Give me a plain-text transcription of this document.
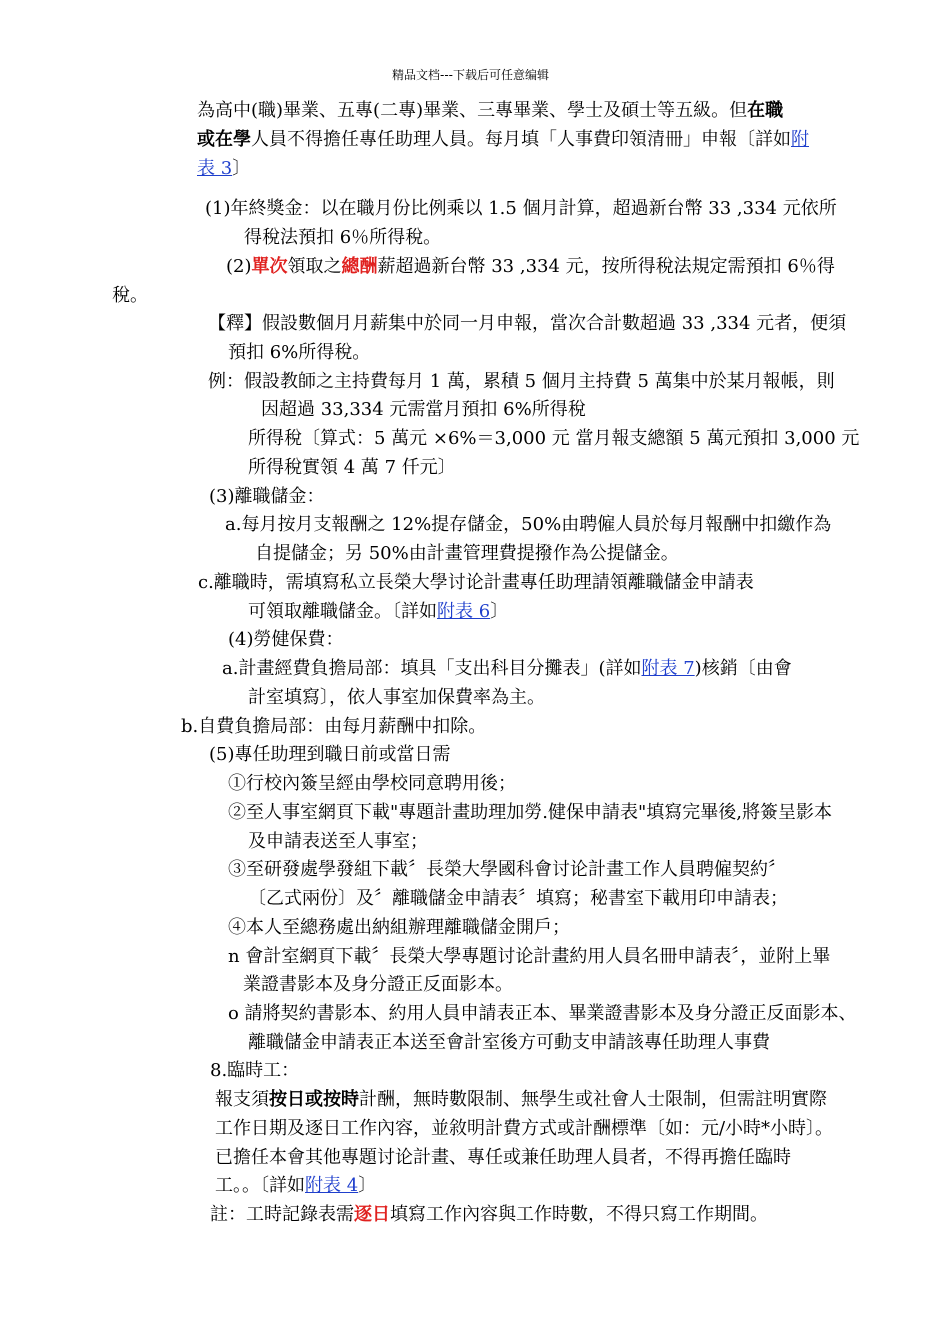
精品文档---下载后可任意编辑
為高中(職)畢業、五專(二專)畢業、三專畢業、學士及碩士等五級。但在職
或在學人員不得擔任專任助理人員。每月填「人事費印領清冊」申報〔詳如附
表 3〕
(1)年終獎金：以在職月份比例乘以 1.5 個月計算，超過新台幣 33 ,334 元依所
得稅法預扣 6％所得稅。
(2)單次領取之總酬薪超過新台幣 33 ,334 元，按所得稅法規定需預扣 6％得
稅。
【釋】假設數個月月薪集中於同一月申報，當次合計數超過 33 ,334 元者，便須
預扣 6%所得稅。
例：假設教師之主持費每月 1 萬，累積 5 個月主持費 5 萬集中於某月報帳，則
因超過 33,334 元需當月預扣 6%所得稅
所得稅〔算式：5 萬元 ×6%＝3,000 元 當月報支總額 5 萬元預扣 3,000 元
所得稅實領 4 萬 7 仟元〕
(3)離職儲金：
a.每月按月支報酬之 12%提存儲金，50%由聘僱人員於每月報酬中扣繳作為
自提儲金；另 50%由計畫管理費提撥作為公提儲金。
c.離職時，需填寫私立長榮大學讨论計畫專任助理請領離職儲金申請表
可領取離職儲金。〔詳如附表 6〕
(4)勞健保費：
a.計畫經費負擔局部：填具「支出科目分攤表」(詳如附表 7)核銷〔由會
計室填寫〕，依人事室加保費率為主。
b.自費負擔局部：由每月薪酬中扣除。
(5)專任助理到職日前或當日需
①行校內簽呈經由學校同意聘用後；
②至人事室網頁下載"專題計畫助理加勞.健保申請表"填寫完畢後,將簽呈影本
及申請表送至人事室；
③至研發處學發組下載〞長榮大學國科會讨论計畫工作人員聘僱契約〞
〔乙式兩份〕及〞離職儲金申請表〞填寫；秘書室下載用印申請表；
④本人至總務處出納組辦理離職儲金開戶；
n 會計室網頁下載〞長榮大學專題讨论計畫約用人員名冊申請表〞，並附上畢
業證書影本及身分證正反面影本。
o 請將契約書影本、約用人員申請表正本、畢業證書影本及身分證正反面影本、
離職儲金申請表正本送至會計室後方可動支申請該專任助理人事費
8.臨時工：
報支須按日或按時計酬，無時數限制、無學生或社會人士限制，但需註明實際
工作日期及逐日工作內容，並敘明計費方式或計酬標準〔如：元/小時*小時〕。
已擔任本會其他專題讨论計畫、專任或兼任助理人員者，不得再擔任臨時
工。。〔詳如附表 4〕
註：工時記錄表需逐日填寫工作內容與工作時數，不得只寫工作期間。
